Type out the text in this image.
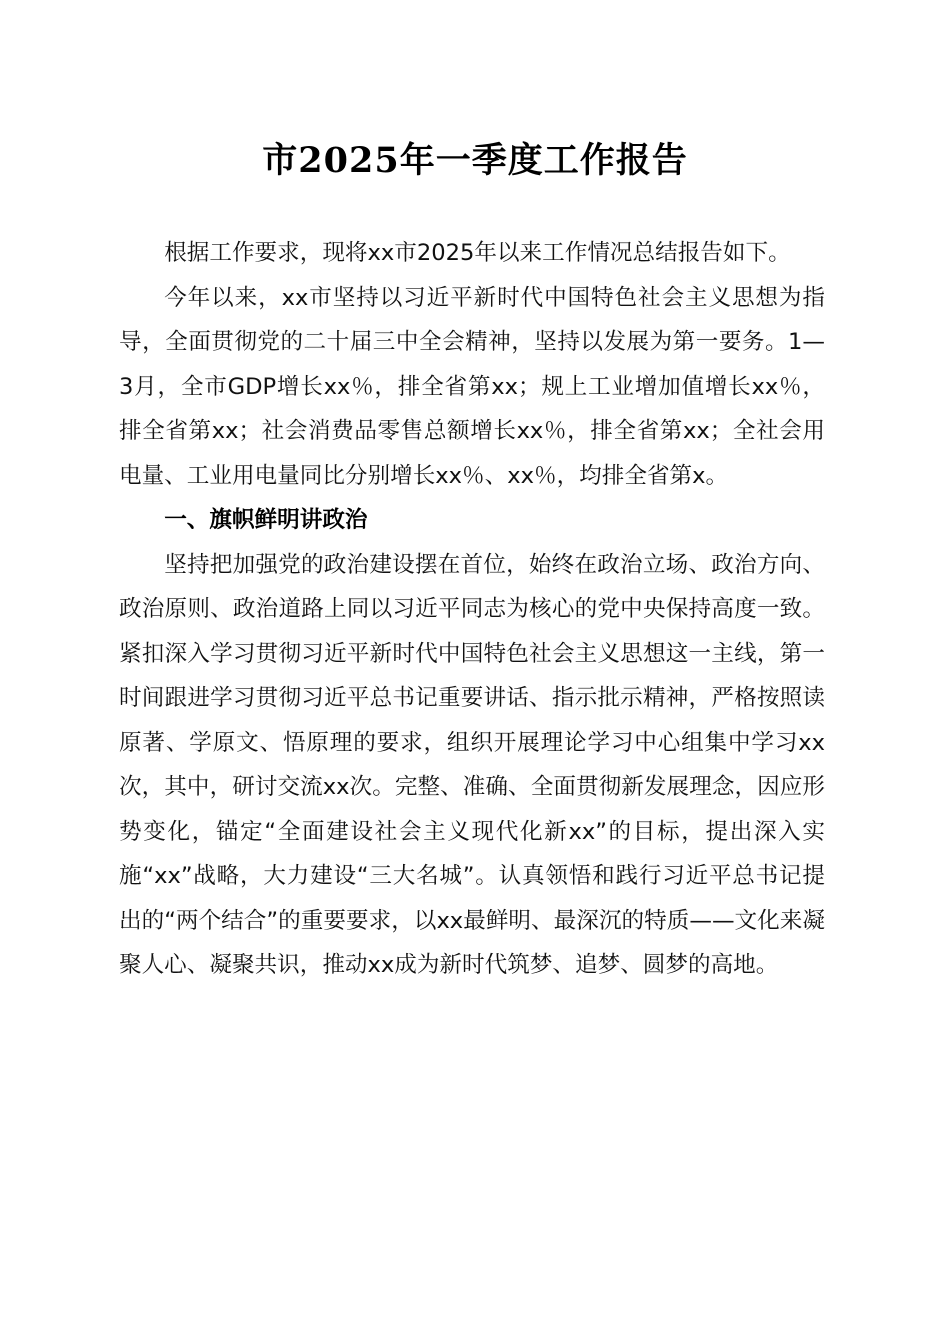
市2025年一季度工作报告

根据工作要求，现将xx市2025年以来工作情况总结报告如下。

今年以来，xx市坚持以习近平新时代中国特色社会主义思想为指导，全面贯彻党的二十届三中全会精神，坚持以发展为第一要务。1—3月，全市GDP增长xx％，排全省第xx；规上工业增加值增长xx％，排全省第xx；社会消费品零售总额增长xx％，排全省第xx；全社会用电量、工业用电量同比分别增长xx％、xx％，均排全省第x。

一、旗帜鲜明讲政治

坚持把加强党的政治建设摆在首位，始终在政治立场、政治方向、政治原则、政治道路上同以习近平同志为核心的党中央保持高度一致。紧扣深入学习贯彻习近平新时代中国特色社会主义思想这一主线，第一时间跟进学习贯彻习近平总书记重要讲话、指示批示精神，严格按照读原著、学原文、悟原理的要求，组织开展理论学习中心组集中学习xx次，其中，研讨交流xx次。完整、准确、全面贯彻新发展理念，因应形势变化，锚定“全面建设社会主义现代化新xx”的目标，提出深入实施“xx”战略，大力建设“三大名城”。认真领悟和践行习近平总书记提出的“两个结合”的重要要求，以xx最鲜明、最深沉的特质——文化来凝聚人心、凝聚共识，推动xx成为新时代筑梦、追梦、圆梦的高地。
